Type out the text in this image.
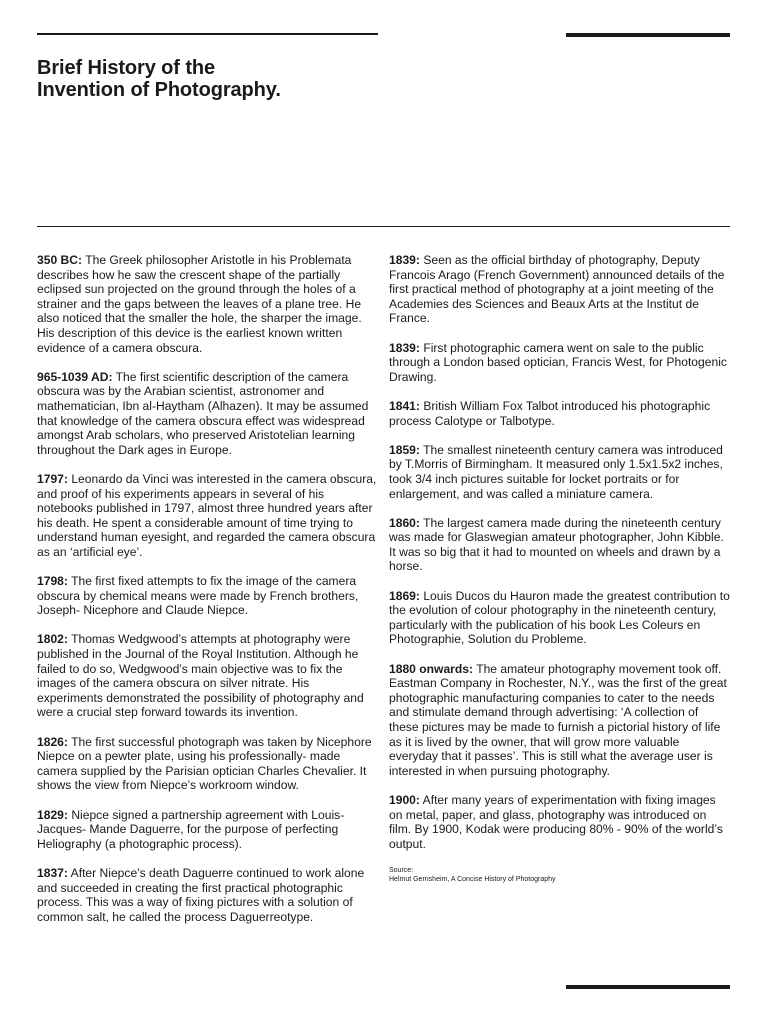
Brief History of the
Invention of Photography.

350 BC: The Greek philosopher Aristotle in his Problemata describes how he saw the crescent shape of the partially eclipsed sun projected on the ground through the holes of a strainer and the gaps between the leaves of a plane tree. He also noticed that the smaller the hole, the sharper the image. His description of this device is the earliest known written evidence of a camera obscura.

965-1039 AD: The first scientific description of the camera obscura was by the Arabian scientist, astronomer and mathematician, Ibn al-Haytham (Alhazen). It may be assumed that knowledge of the camera obscura effect was widespread amongst Arab scholars, who preserved Aristotelian learning throughout the Dark ages in Europe.

1797: Leonardo da Vinci was interested in the camera obscura, and proof of his experiments appears in several of his notebooks published in 1797, almost three hundred years after his death. He spent a considerable amount of time trying to understand human eyesight, and regarded the camera obscura as an ‘artificial eye’.

1798: The first fixed attempts to fix the image of the camera obscura by chemical means were made by French brothers, Joseph- Nicephore and Claude Niepce.

1802: Thomas Wedgwood’s attempts at photography were published in the Journal of the Royal Institution. Although he failed to do so, Wedgwood’s main objective was to fix the images of the camera obscura on silver nitrate. His experiments demonstrated the possibility of photography and were a crucial step forward towards its invention.

1826: The first successful photograph was taken by Nicephore Niepce on a pewter plate, using his professionally- made camera supplied by the Parisian optician Charles Chevalier. It shows the view from Niepce’s workroom window.

1829: Niepce signed a partnership agreement with Louis- Jacques- Mande Daguerre, for the purpose of perfecting Heliography (a photographic process).

1837: After Niepce’s death Daguerre continued to work alone and succeeded in creating the first practical photographic process. This was a way of fixing pictures with a solution of common salt, he called the process Daguerreotype.

1839: Seen as the official birthday of photography, Deputy Francois Arago (French Government) announced details of the first practical method of photography at a joint meeting of the Academies des Sciences and Beaux Arts at the Institut de France.

1839: First photographic camera went on sale to the public through a London based optician, Francis West, for Photogenic Drawing.

1841: British William Fox Talbot introduced his photographic process Calotype or Talbotype.

1859: The smallest nineteenth century camera was introduced by T.Morris of Birmingham. It measured only 1.5x1.5x2 inches, took 3/4 inch pictures suitable for locket portraits or for enlargement, and was called a miniature camera.

1860: The largest camera made during the nineteenth century was made for Glaswegian amateur photographer, John Kibble. It was so big that it had to mounted on wheels and drawn by a horse.

1869: Louis Ducos du Hauron made the greatest contribution to the evolution of colour photography in the nineteenth century, particularly with the publication of his book Les Coleurs en Photographie, Solution du Probleme.

1880 onwards: The amateur photography movement took off. Eastman Company in Rochester, N.Y., was the first of the great photographic manufacturing companies to cater to the needs and stimulate demand through advertising: ‘A collection of these pictures may be made to furnish a pictorial history of life as it is lived by the owner, that will grow more valuable everyday that it passes’. This is still what the average user is interested in when pursuing photography.

1900: After many years of experimentation with fixing images on metal, paper, and glass, photography was introduced on film. By 1900, Kodak were producing 80% - 90% of the world’s output.

Source:
Helmut Gernsheim, A Concise History of Photography
